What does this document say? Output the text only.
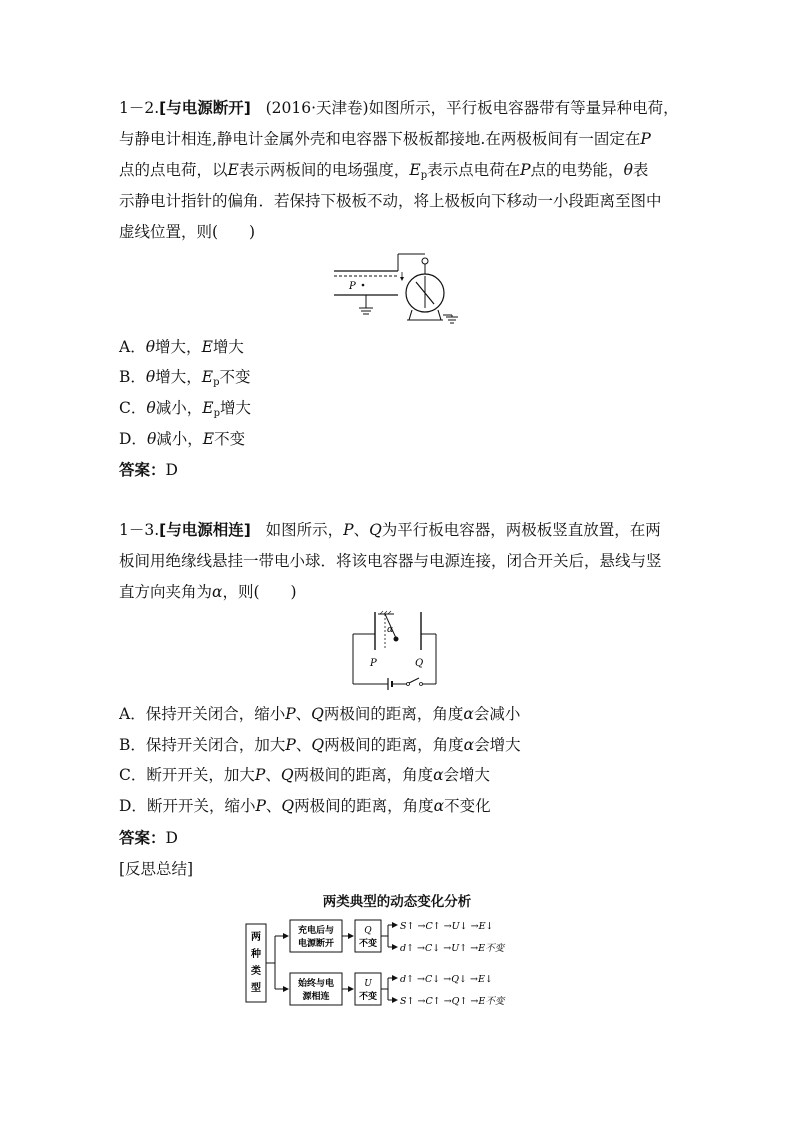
1－2.[与电源断开] (2016·天津卷)如图所示，平行板电容器带有等量异种电荷，
与静电计相连,静电计金属外壳和电容器下极板都接地.在两极板间有一固定在P
点的点电荷，以E表示两板间的电场强度，$E_p$表示点电荷在P点的电势能，θ表
示静电计指针的偏角．若保持下极板不动，将上极板向下移动一小段距离至图中
虚线位置，则(　　)
P
A．θ增大，E增大
B．θ增大，$E_p$不变
C．θ减小，$E_p$增大
D．θ减小，E不变
答案：D
1－3.[与电源相连] 如图所示，P、Q为平行板电容器，两极板竖直放置，在两
板间用绝缘线悬挂一带电小球．将该电容器与电源连接，闭合开关后，悬线与竖
直方向夹角为α，则(　　)
α
P	Q
A．保持开关闭合，缩小P、Q两极间的距离，角度α会减小
B．保持开关闭合，加大P、Q两极间的距离，角度α会增大
C．断开开关，加大P、Q两极间的距离，角度α会增大
D．断开开关，缩小P、Q两极间的距离，角度α不变化
答案：D
[反思总结]
两类典型的动态变化分析
两
种
类
型
充电后与
电源断开
Q
不变
S↑ →C↑ →U↓ →E↓
d↑ →C↓ →U↑ →E不变
始终与电
源相连
U
不变
d↑ →C↓ →Q↓ →E↓
S↑ →C↑ →Q↑ →E不变
